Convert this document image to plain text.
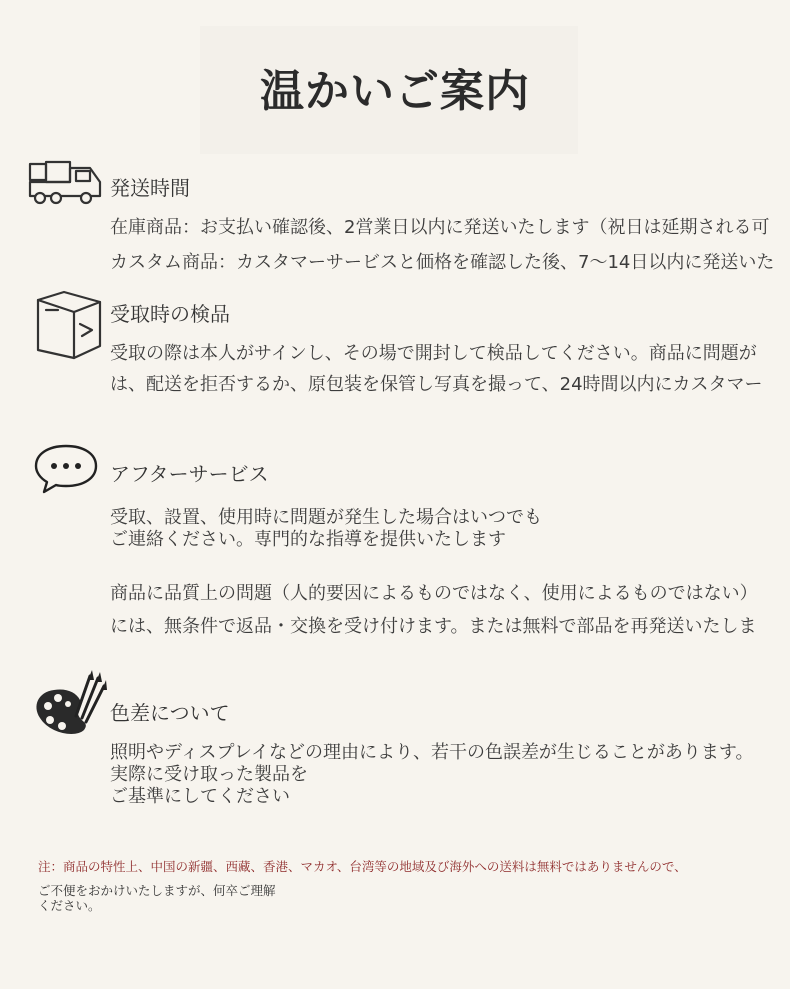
温かいご案内
発送時間
在庫商品：お支払い確認後、2営業日以内に発送いたします（祝日は延期される可
カスタム商品：カスタマーサービスと価格を確認した後、7〜14日以内に発送いた
受取時の検品
受取の際は本人がサインし、その場で開封して検品してください。商品に問題が
は、配送を拒否するか、原包装を保管し写真を撮って、24時間以内にカスタマー
アフターサービス
受取、設置、使用時に問題が発生した場合はいつでも
ご連絡ください。専門的な指導を提供いたします
商品に品質上の問題（人的要因によるものではなく、使用によるものではない）
には、無条件で返品・交換を受け付けます。または無料で部品を再発送いたしま
色差について
照明やディスプレイなどの理由により、若干の色誤差が生じることがあります。
実際に受け取った製品を
ご基準にしてください
注：商品の特性上、中国の新疆、西藏、香港、マカオ、台湾等の地域及び海外への送料は無料ではありませんので、
ご不便をおかけいたしますが、何卒ご理解
ください。
